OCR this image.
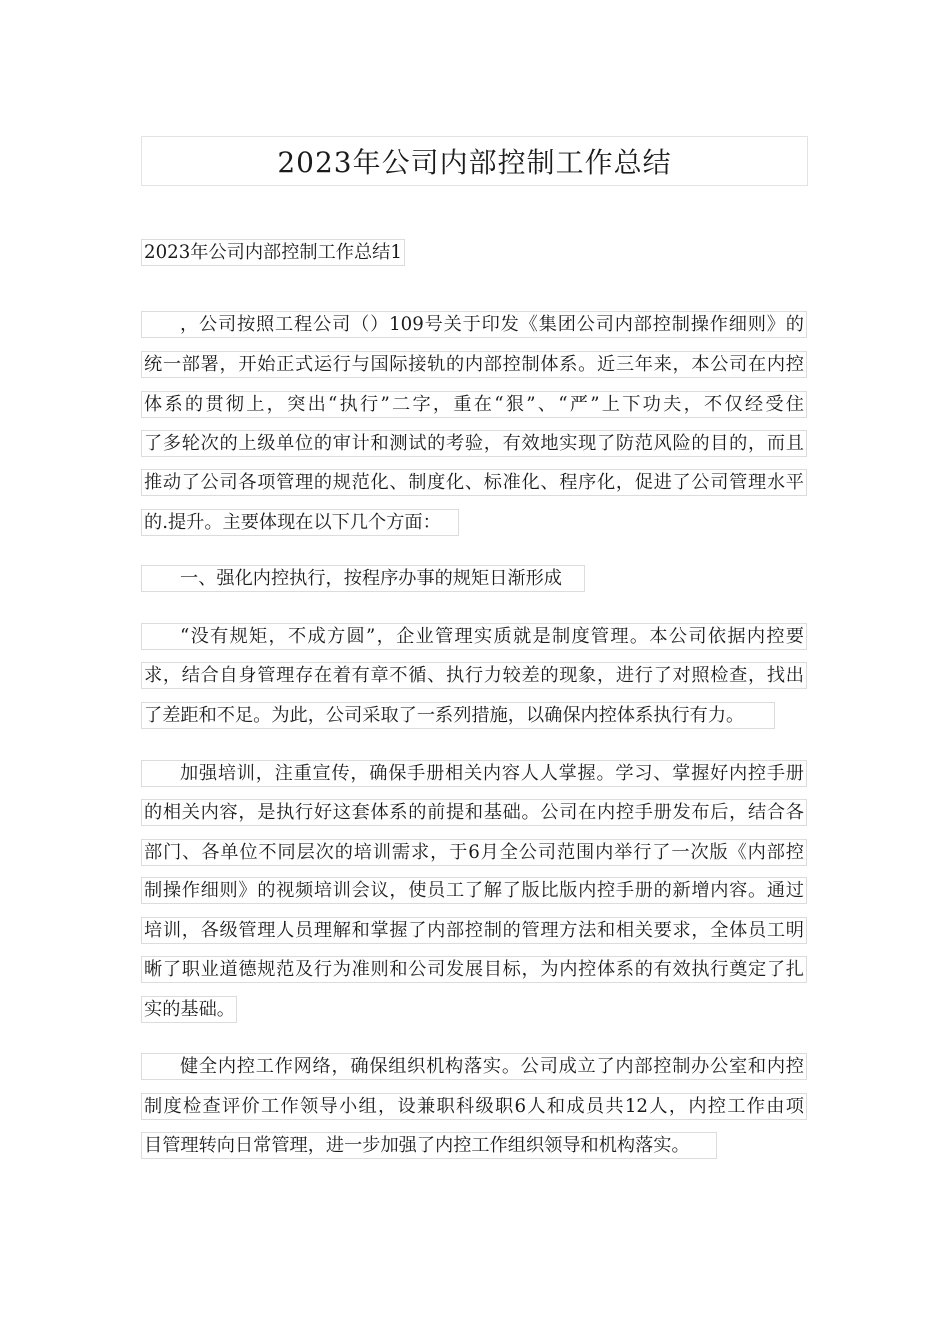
2023年公司内部控制工作总结
2023年公司内部控制工作总结1
，公司按照工程公司（）109号关于印发《集团公司内部控制操作细则》的
统一部署，开始正式运行与国际接轨的内部控制体系。近三年来，本公司在内控
体系的贯彻上，突出“执行”二字，重在“狠”、“严”上下功夫，不仅经受住
了多轮次的上级单位的审计和测试的考验，有效地实现了防范风险的目的，而且
推动了公司各项管理的规范化、制度化、标准化、程序化，促进了公司管理水平
的.提升。主要体现在以下几个方面：
一、强化内控执行，按程序办事的规矩日渐形成
“没有规矩，不成方圆”，企业管理实质就是制度管理。本公司依据内控要
求，结合自身管理存在着有章不循、执行力较差的现象，进行了对照检查，找出
了差距和不足。为此，公司采取了一系列措施，以确保内控体系执行有力。
加强培训，注重宣传，确保手册相关内容人人掌握。学习、掌握好内控手册
的相关内容，是执行好这套体系的前提和基础。公司在内控手册发布后，结合各
部门、各单位不同层次的培训需求，于6月全公司范围内举行了一次版《内部控
制操作细则》的视频培训会议，使员工了解了版比版内控手册的新增内容。通过
培训，各级管理人员理解和掌握了内部控制的管理方法和相关要求，全体员工明
晰了职业道德规范及行为准则和公司发展目标，为内控体系的有效执行奠定了扎
实的基础。
健全内控工作网络，确保组织机构落实。公司成立了内部控制办公室和内控
制度检查评价工作领导小组，设兼职科级职6人和成员共12人，内控工作由项
目管理转向日常管理，进一步加强了内控工作组织领导和机构落实。
